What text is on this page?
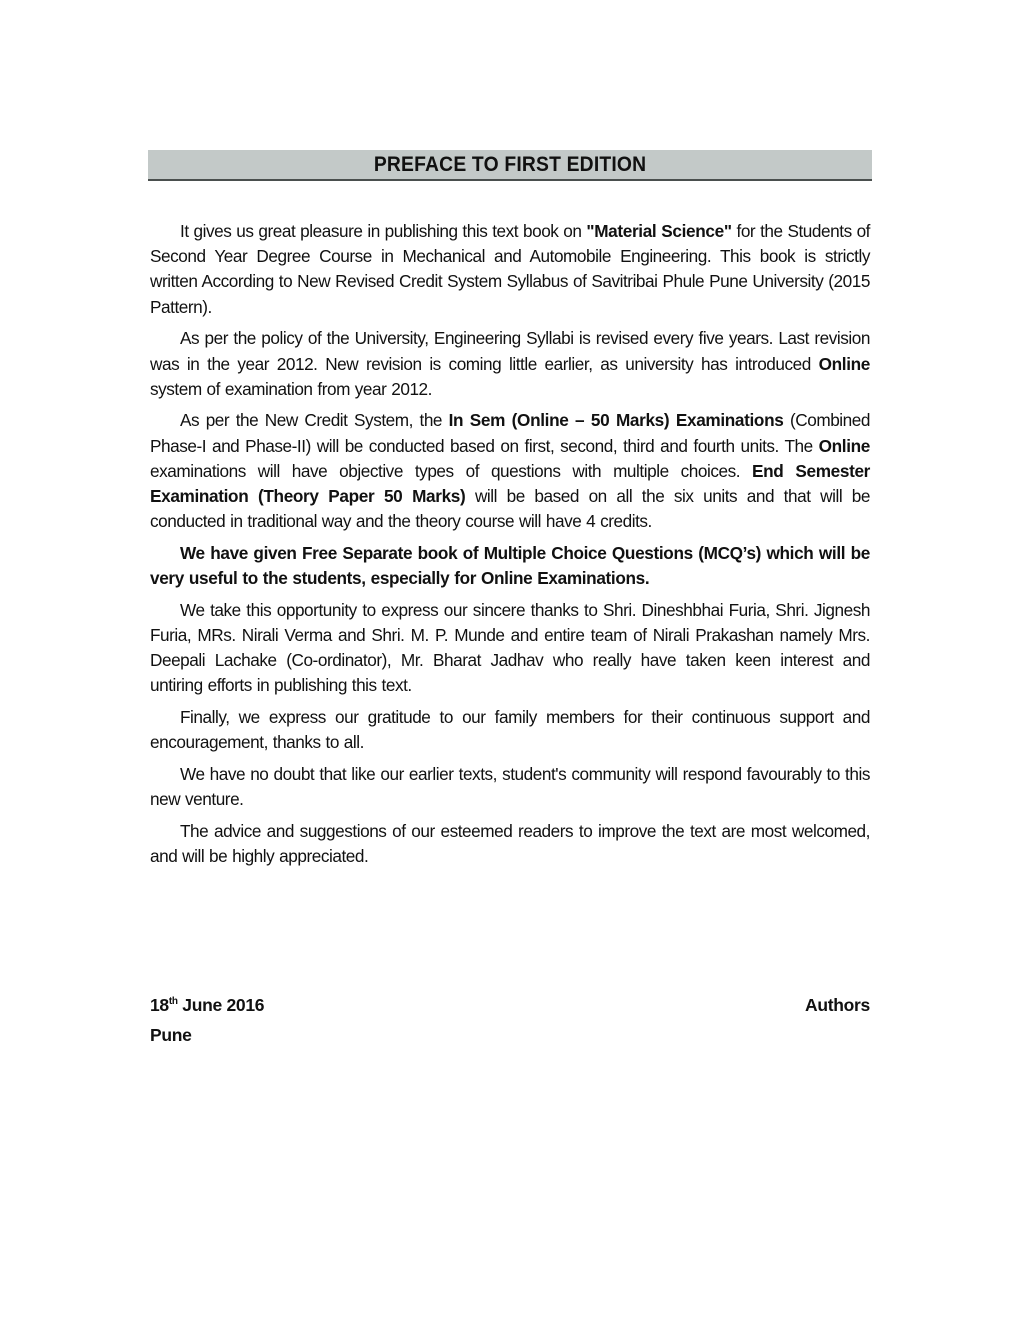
PREFACE TO FIRST EDITION

It gives us great pleasure in publishing this text book on "Material Science" for the Students of Second Year Degree Course in Mechanical and Automobile Engineering. This book is strictly written According to New Revised Credit System Syllabus of Savitribai Phule Pune University (2015 Pattern).

As per the policy of the University, Engineering Syllabi is revised every five years. Last revision was in the year 2012. New revision is coming little earlier, as university has introduced Online system of examination from year 2012.

As per the New Credit System, the In Sem (Online – 50 Marks) Examinations (Combined Phase-I and Phase-II) will be conducted based on first, second, third and fourth units. The Online examinations will have objective types of questions with multiple choices. End Semester Examination (Theory Paper 50 Marks) will be based on all the six units and that will be conducted in traditional way and the theory course will have 4 credits.

We have given Free Separate book of Multiple Choice Questions (MCQ’s) which will be very useful to the students, especially for Online Examinations.

We take this opportunity to express our sincere thanks to Shri. Dineshbhai Furia, Shri. Jignesh Furia, MRs. Nirali Verma and Shri. M. P. Munde and entire team of Nirali Prakashan namely Mrs. Deepali Lachake (Co-ordinator), Mr. Bharat Jadhav who really have taken keen interest and untiring efforts in publishing this text.

Finally, we express our gratitude to our family members for their continuous support and encouragement, thanks to all.

We have no doubt that like our earlier texts, student's community will respond favourably to this new venture.

The advice and suggestions of our esteemed readers to improve the text are most welcomed, and will be highly appreciated.

18th June 2016	Authors
Pune
